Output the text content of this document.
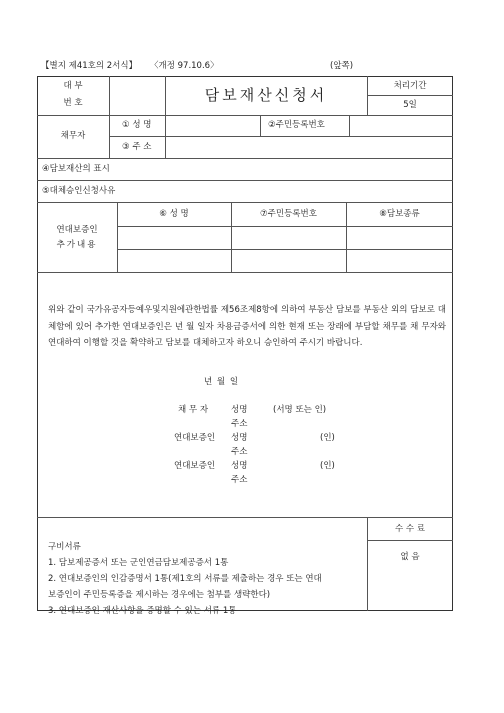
【별지 제41호의 2서식】 〈개정 97.10.6〉	(앞쪽)
대 부
번 호	담보재산신청서	처리기간
5일
채무자
① 성 명	②주민등록번호
③ 주 소
④담보재산의 표시
⑤대체승인신청사유
연대보증인
추가내용
⑥ 성 명	⑦주민등록번호	⑧담보종류
위와 같이 국가유공자등예우및지원에관한법률 제56조제8항에 의하여 부동산 담보를 부동산 외의 담보로 대체함에 있어 추가한 연대보증인은 년 월 일자 차용금증서에 의한 현재 또는 장래에 부담할 채무를 채 무자와 연대하여 이행할 것을 확약하고 담보를 대체하고자 하오니 승인하여 주시기 바랍니다.
년 월 일
채 무 자	성명	(서명 또는 인)
주소
연대보증인 성명	(인)
주소
연대보증인 성명	(인)
주소
구비서류
1. 담보제공증서 또는 군인연금담보제공증서 1통
2. 연대보증인의 인감증명서 1통(제1호의 서류를 제출하는 경우 또는 연대
보증인이 주민등록증을 제시하는 경우에는 첨부를 생략한다)
3. 연대보증인 재산사항을 증명할 수 있는 서류 1통
수 수 료
없 음
